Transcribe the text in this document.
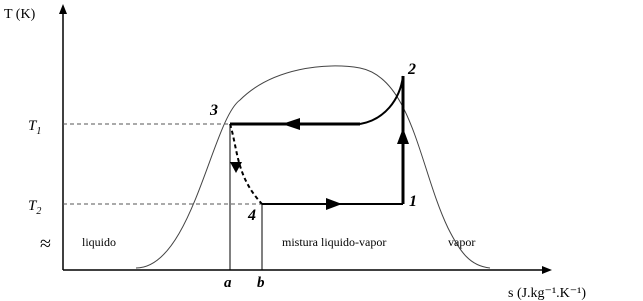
T (K)
s (J.kg⁻¹.K⁻¹)
$T_1$
$T_2$
1
2
3
4
a b
≈	liquido	mistura liquido-vapor	vapor
